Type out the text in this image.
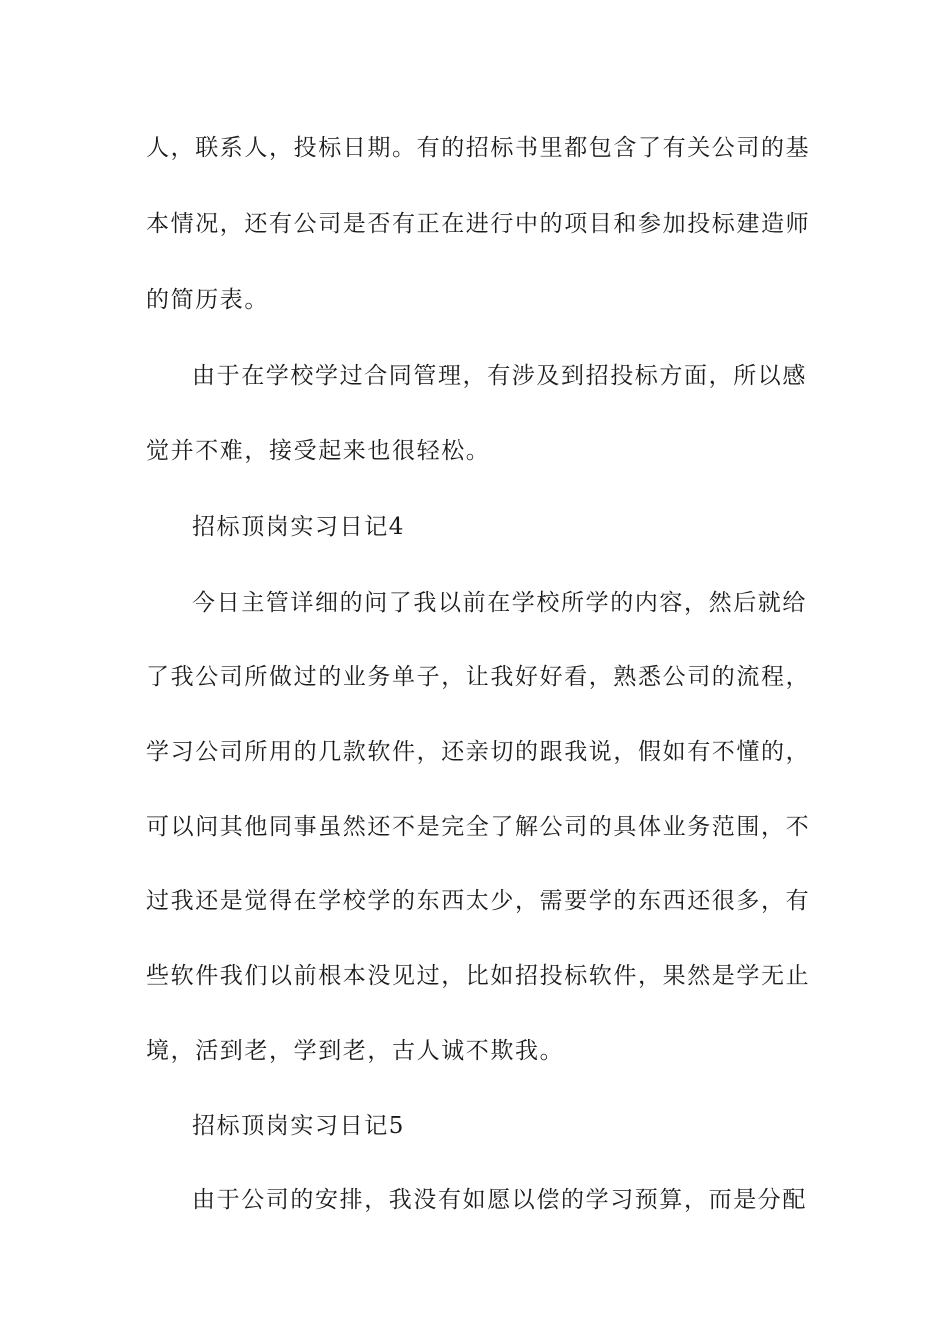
人，联系人，投标日期。有的招标书里都包含了有关公司的基
本情况，还有公司是否有正在进行中的项目和参加投标建造师
的简历表。
由于在学校学过合同管理，有涉及到招投标方面，所以感
觉并不难，接受起来也很轻松。
招标顶岗实习日记4
今日主管详细的问了我以前在学校所学的内容，然后就给
了我公司所做过的业务单子，让我好好看，熟悉公司的流程，
学习公司所用的几款软件，还亲切的跟我说，假如有不懂的，
可以问其他同事虽然还不是完全了解公司的具体业务范围，不
过我还是觉得在学校学的东西太少，需要学的东西还很多，有
些软件我们以前根本没见过，比如招投标软件，果然是学无止
境，活到老，学到老，古人诚不欺我。
招标顶岗实习日记5
由于公司的安排，我没有如愿以偿的学习预算，而是分配
